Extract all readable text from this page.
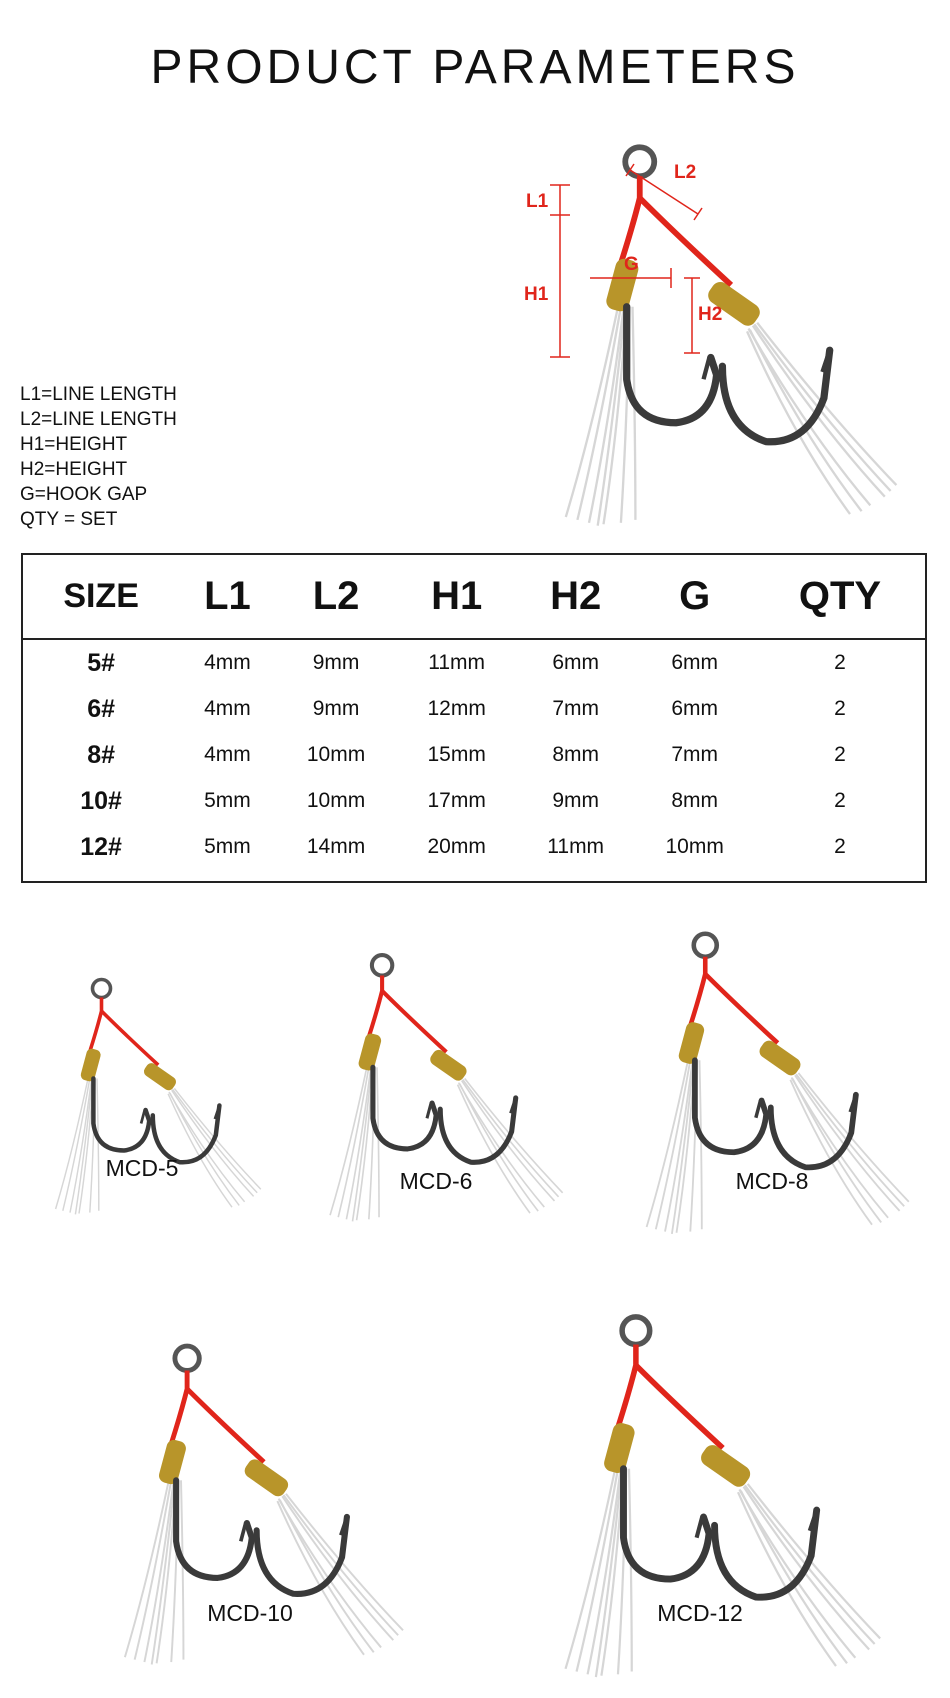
PRODUCT PARAMETERS
L1
L2
H1
G
H2
L1=LINE LENGTH
L2=LINE LENGTH
H1=HEIGHT
H2=HEIGHT
G=HOOK GAP
QTY = SET
SIZE	L1	L2	H1	H2	G	QTY
5#	4mm	9mm	11mm	6mm	6mm	2
6#	4mm	9mm	12mm	7mm	6mm	2
8#	4mm	10mm	15mm	8mm	7mm	2
10#	5mm	10mm	17mm	9mm	8mm	2
12#	5mm	14mm	20mm	11mm	10mm	2
MCD-5	MCD-6	MCD-8
MCD-10	MCD-12
